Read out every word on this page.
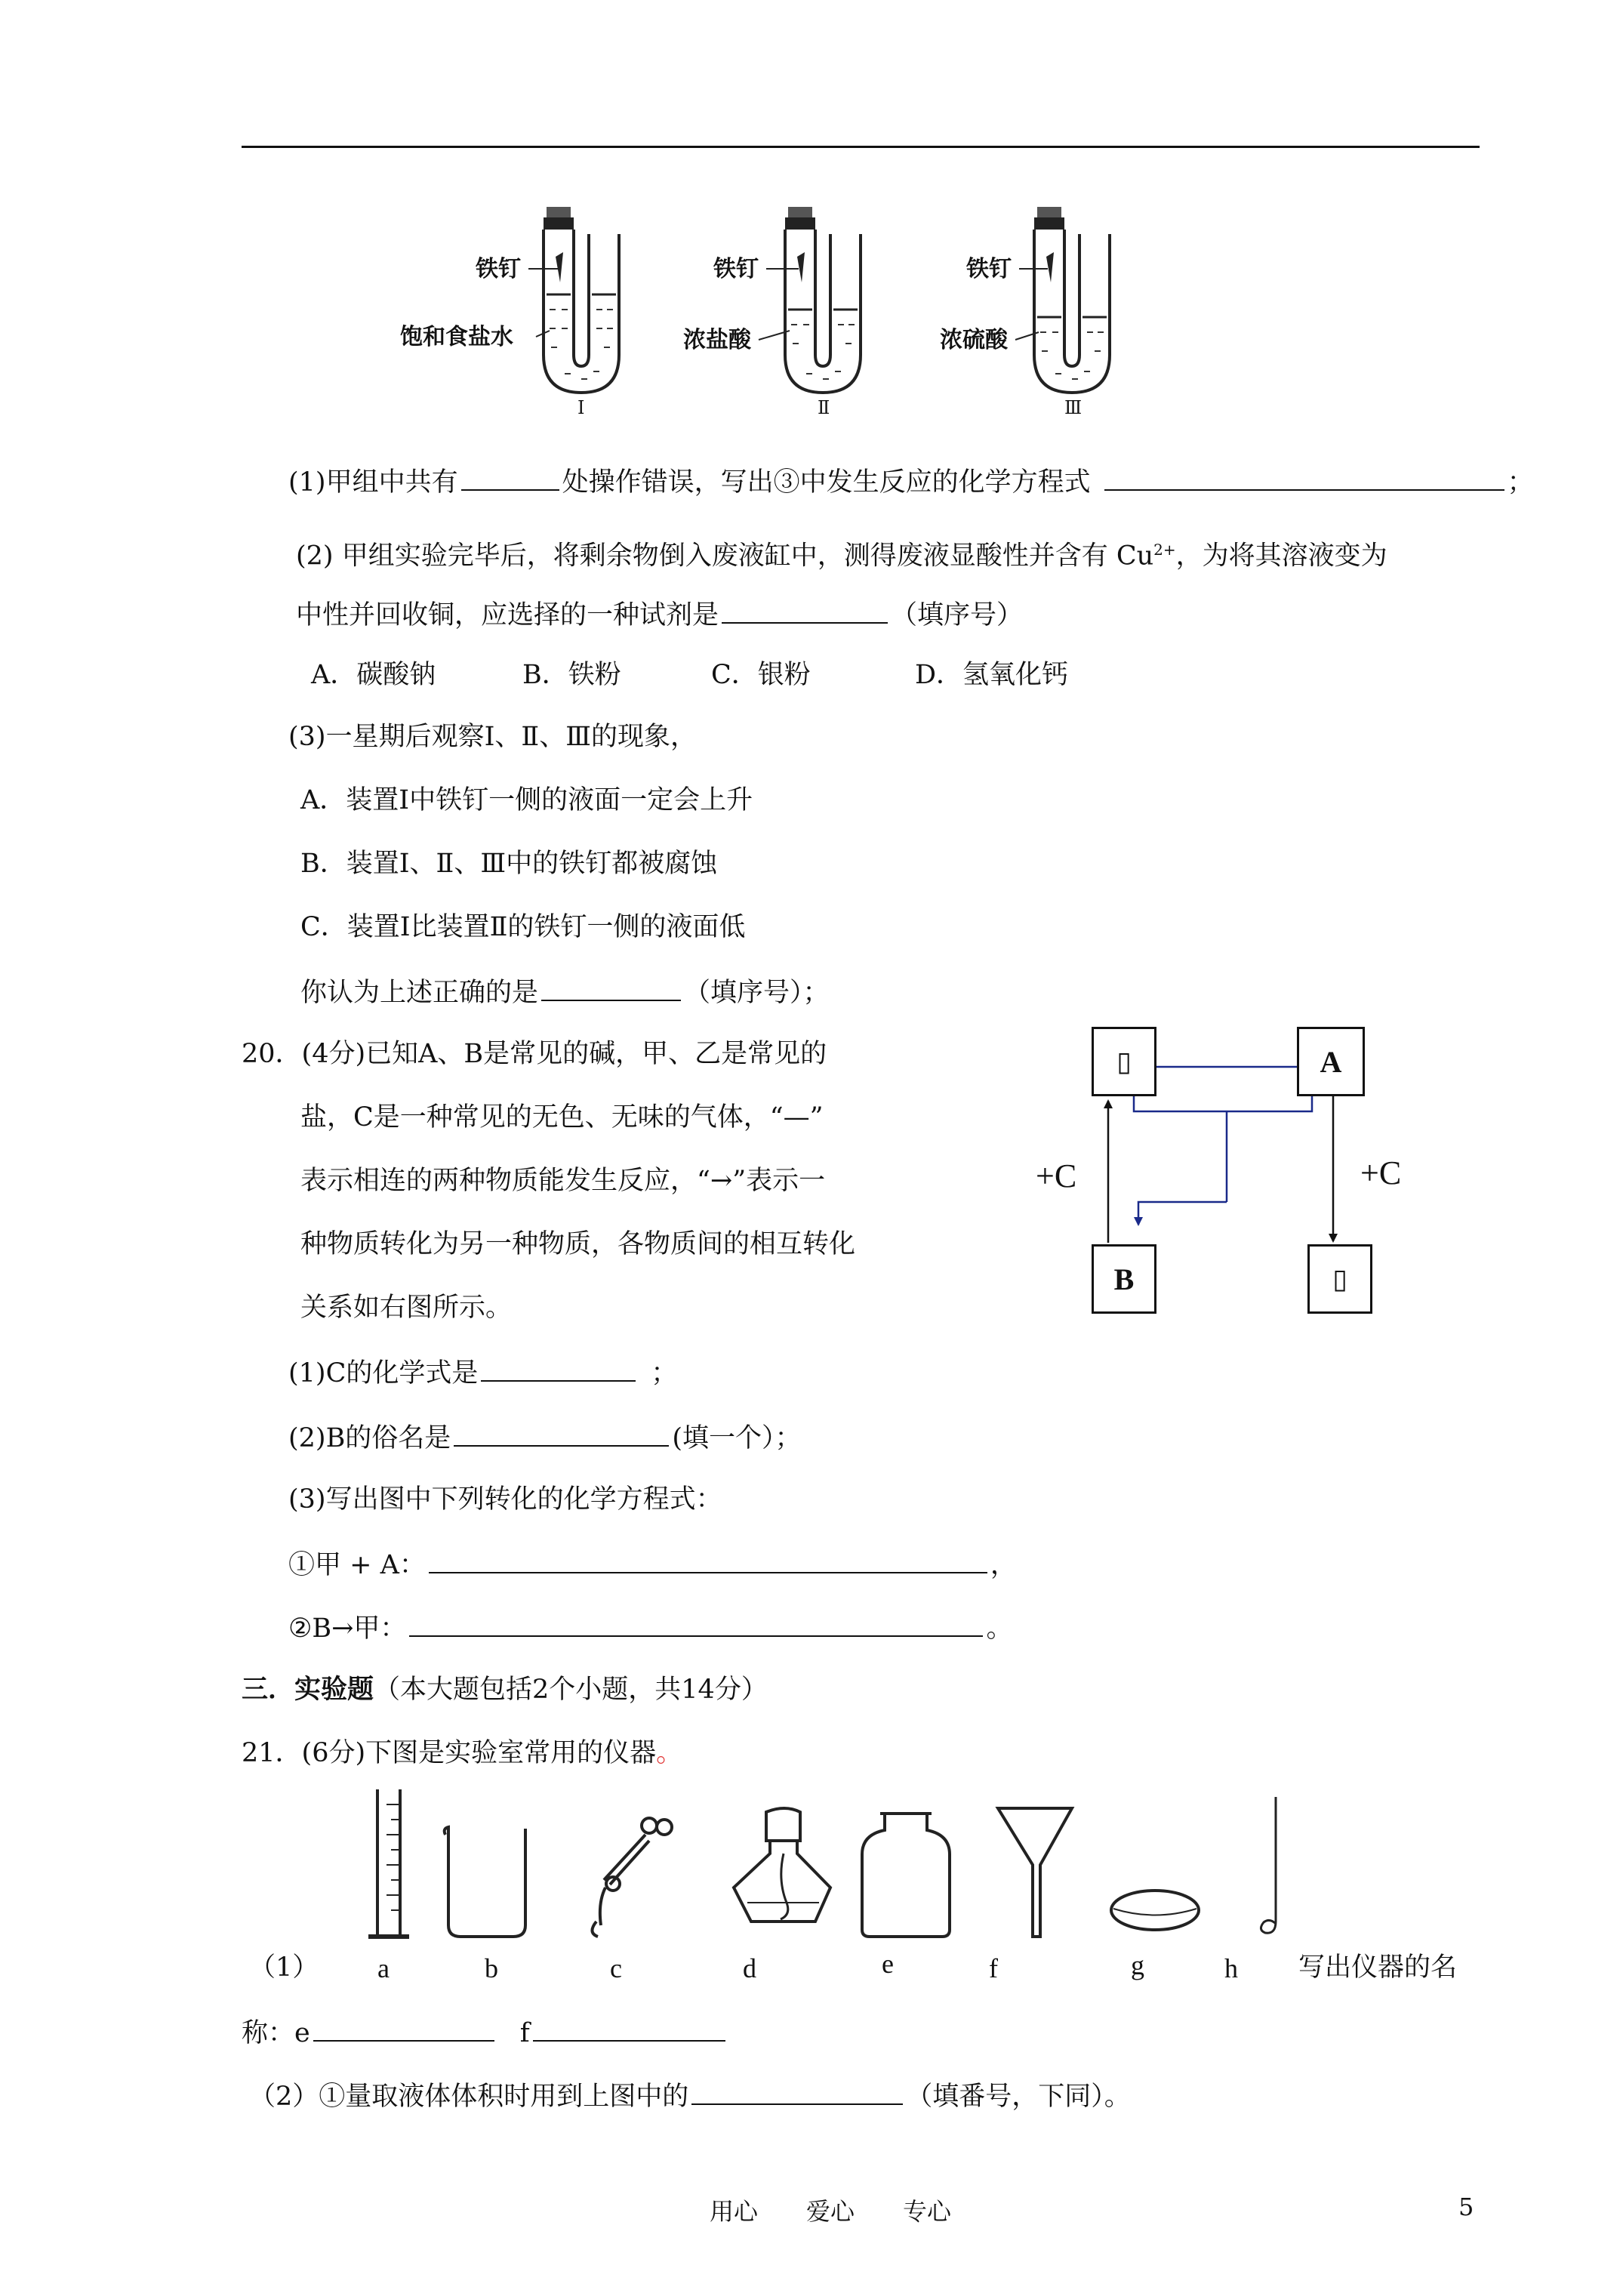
铁钉
饱和食盐水
铁钉
浓盐酸
铁钉
浓硫酸
Ⅰ	Ⅱ	Ⅲ
(1)甲组中共有	处操作错误，写出③中发生反应的化学方程式	；
(2) 甲组实验完毕后，将剩余物倒入废液缸中，测得废液显酸性并含有 $Cu^{2+}$，为将其溶液变为
中性并回收铜，应选择的一种试剂是	（填序号）
A．碳酸钠	B．铁粉	C．银粉	D．氢氧化钙
(3)一星期后观察Ⅰ、Ⅱ、Ⅲ的现象，
A．装置Ⅰ中铁钉一侧的液面一定会上升
B．装置Ⅰ、Ⅱ、Ⅲ中的铁钉都被腐蚀
C．装置Ⅰ比装置Ⅱ的铁钉一侧的液面低
你认为上述正确的是	（填序号）；
20．(4分)已知A、B是常见的碱，甲、乙是常见的
盐，C是一种常见的无色、无味的气体，“—”
表示相连的两种物质能发生反应，“→”表示一
种物质转化为另一种物质，各物质间的相互转化
关系如右图所示。
▯	A
B	▯
+C	+C
(1)C的化学式是	；
(2)B的俗名是	(填一个）；
(3)写出图中下列转化的化学方程式：
①甲 + A：	，
②B→甲：	。
三．实验题（本大题包括2个小题，共14分）
21．(6分)下图是实验室常用的仪器。
a	b	c	d	e	f	g	h
（1）	写出仪器的名
称：e	f
（2）①量取液体体积时用到上图中的	（填番号，下同）。
用心　　爱心　　专心	5
